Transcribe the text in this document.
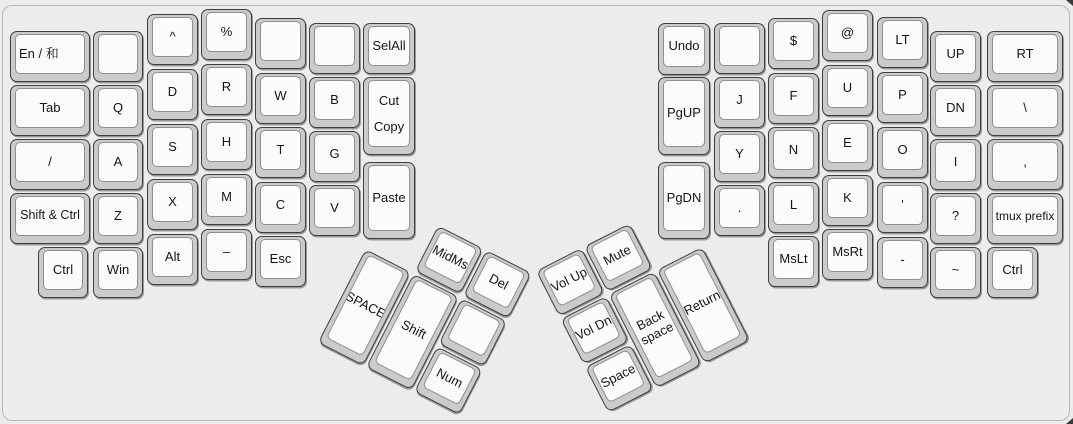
En / 和
Tab
/
Shift & Ctrl
Ctrl
Q
A
Z
Win
^
D
S
X
Alt
%
R
H
M
–
W
T
C
Esc
B
G
V
SelAll
Cut
Copy
Paste
MidMs
Del
SPACE
Shift
Num
Undo
PgUP
PgDN
J
Y
.
$
F
N
L
MsLt
@
U
E
K
MsRt
LT
P
O
'
-
UP
DN
I
?
~
RT
\
,
tmux prefix
Ctrl
Vol Up
Mute
Vol Dn
Space
Back
space
Return
